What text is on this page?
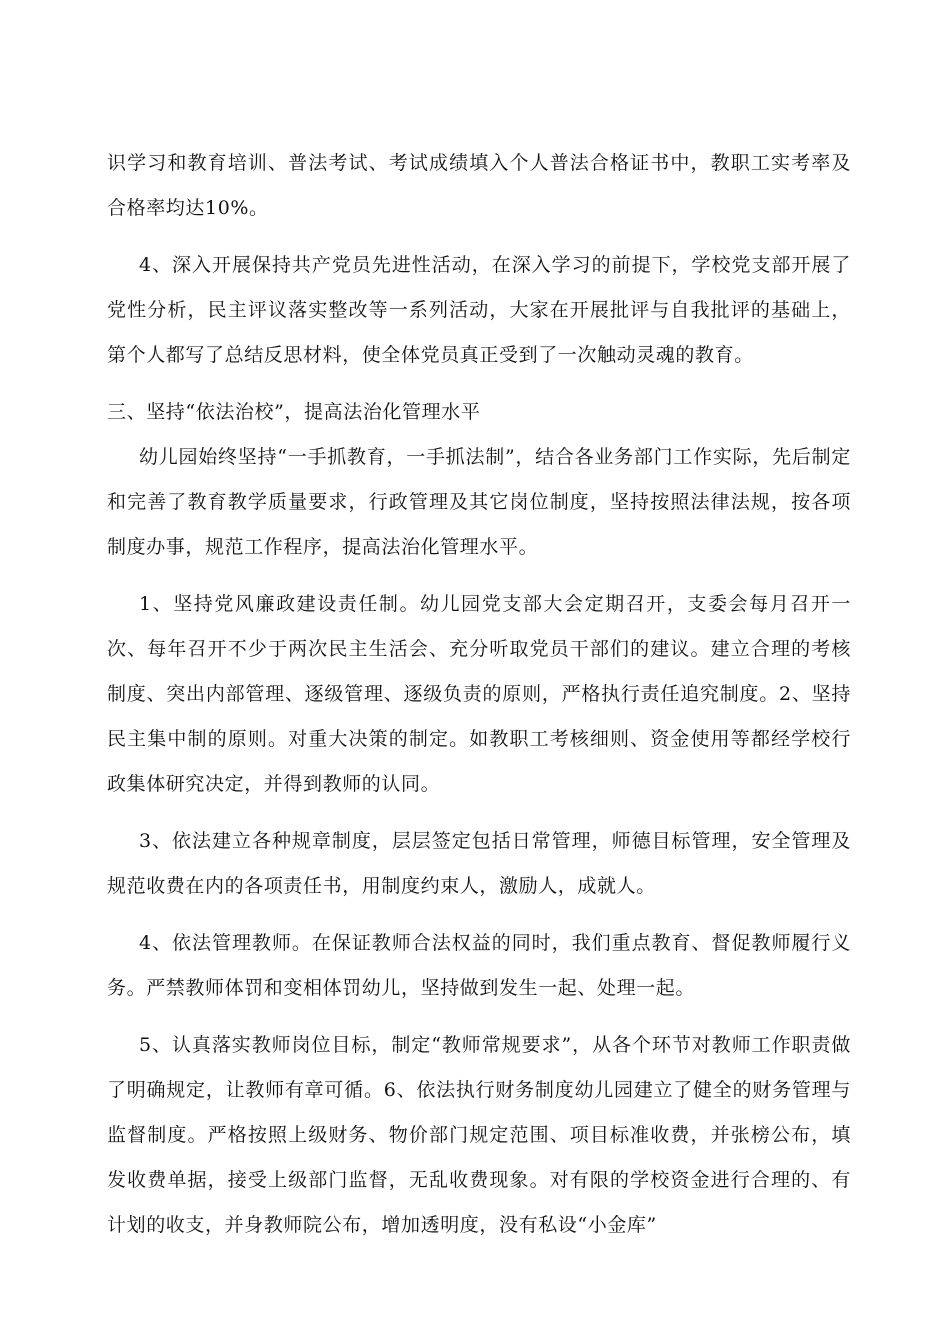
识学习和教育培训、普法考试、考试成绩填入个人普法合格证书中，教职工实考率及合格率均达10%。

4、深入开展保持共产党员先进性活动，在深入学习的前提下，学校党支部开展了党性分析，民主评议落实整改等一系列活动，大家在开展批评与自我批评的基础上，第个人都写了总结反思材料，使全体党员真正受到了一次触动灵魂的教育。

三、坚持“依法治校”，提高法治化管理水平

幼儿园始终坚持“一手抓教育，一手抓法制”，结合各业务部门工作实际，先后制定和完善了教育教学质量要求，行政管理及其它岗位制度，坚持按照法律法规，按各项制度办事，规范工作程序，提高法治化管理水平。

1、坚持党风廉政建设责任制。幼儿园党支部大会定期召开，支委会每月召开一次、每年召开不少于两次民主生活会、充分听取党员干部们的建议。建立合理的考核制度、突出内部管理、逐级管理、逐级负责的原则，严格执行责任追究制度。2、坚持民主集中制的原则。对重大决策的制定。如教职工考核细则、资金使用等都经学校行政集体研究决定，并得到教师的认同。

3、依法建立各种规章制度，层层签定包括日常管理，师德目标管理，安全管理及规范收费在内的各项责任书，用制度约束人，激励人，成就人。

4、依法管理教师。在保证教师合法权益的同时，我们重点教育、督促教师履行义务。严禁教师体罚和变相体罚幼儿，坚持做到发生一起、处理一起。

5、认真落实教师岗位目标，制定“教师常规要求”，从各个环节对教师工作职责做了明确规定，让教师有章可循。6、依法执行财务制度幼儿园建立了健全的财务管理与监督制度。严格按照上级财务、物价部门规定范围、项目标准收费，并张榜公布，填发收费单据，接受上级部门监督，无乱收费现象。对有限的学校资金进行合理的、有计划的收支，并身教师院公布，增加透明度，没有私设“小金库”
